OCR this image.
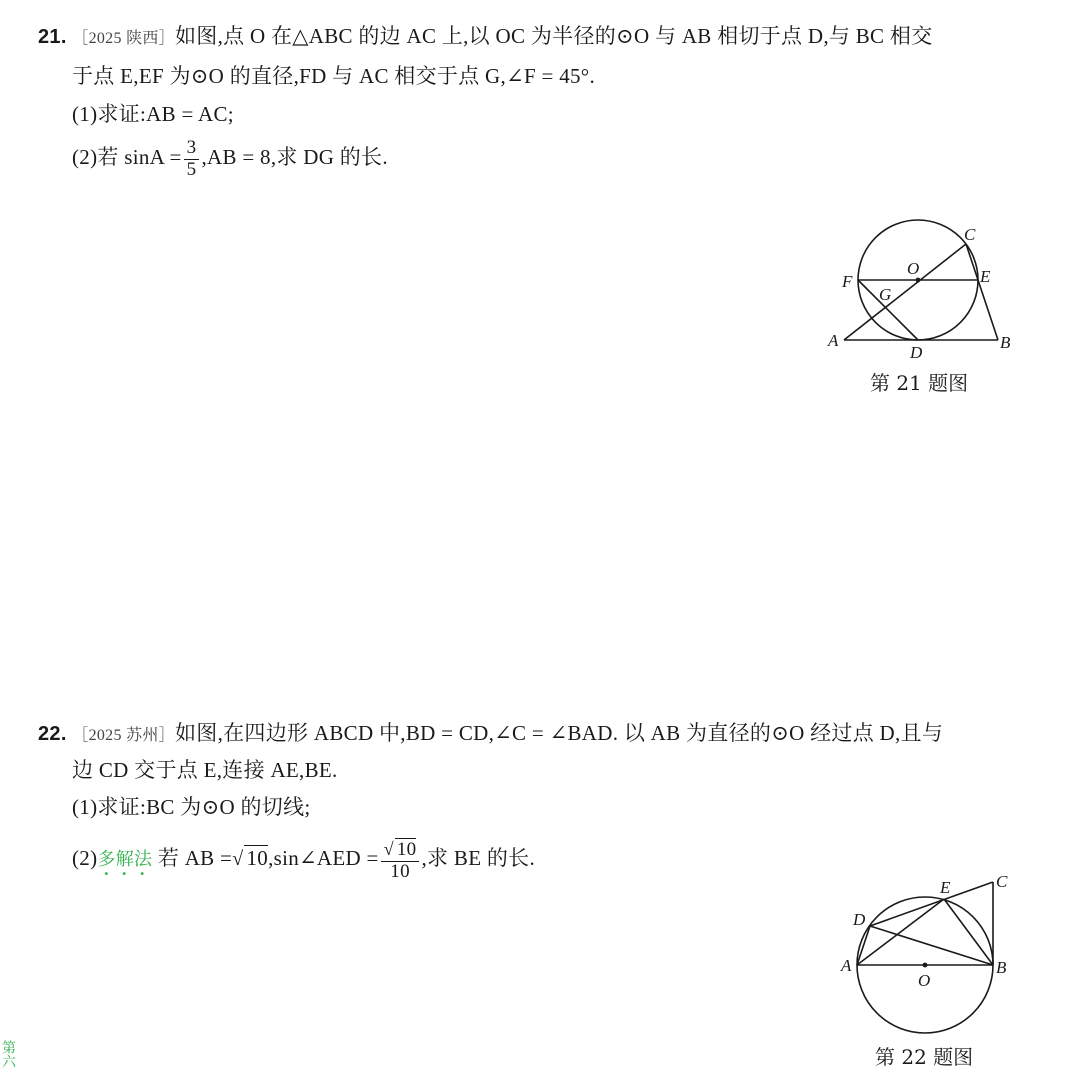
21. ［2025 陕西］如图,点 O 在△ABC 的边 AC 上,以 OC 为半径的⊙O 与 AB 相切于点 D,与 BC 相交
于点 E,EF 为⊙O 的直径,FD 与 AC 相交于点 G,∠F = 45°.
(1)求证:AB = AC;
(2)若 $\sin A = \frac{3}{5} ,AB = 8$,求 DG 的长.
C
O	E
F
G
A
D
B
第 21 题图
22. ［2025 苏州］如图,在四边形 ABCD 中,BD = CD,∠C = ∠BAD. 以 AB 为直径的⊙O 经过点 D,且与
边 CD 交于点 E,连接 AE,BE.
(1)求证:BC 为⊙O 的切线;
(2)多解法
•••
若 AB =√ 10,sin∠AED = $\frac{√ 10}{10}$ ,求 BE 的长.
E	C
D
A
O
B
第 22 题图
第六
